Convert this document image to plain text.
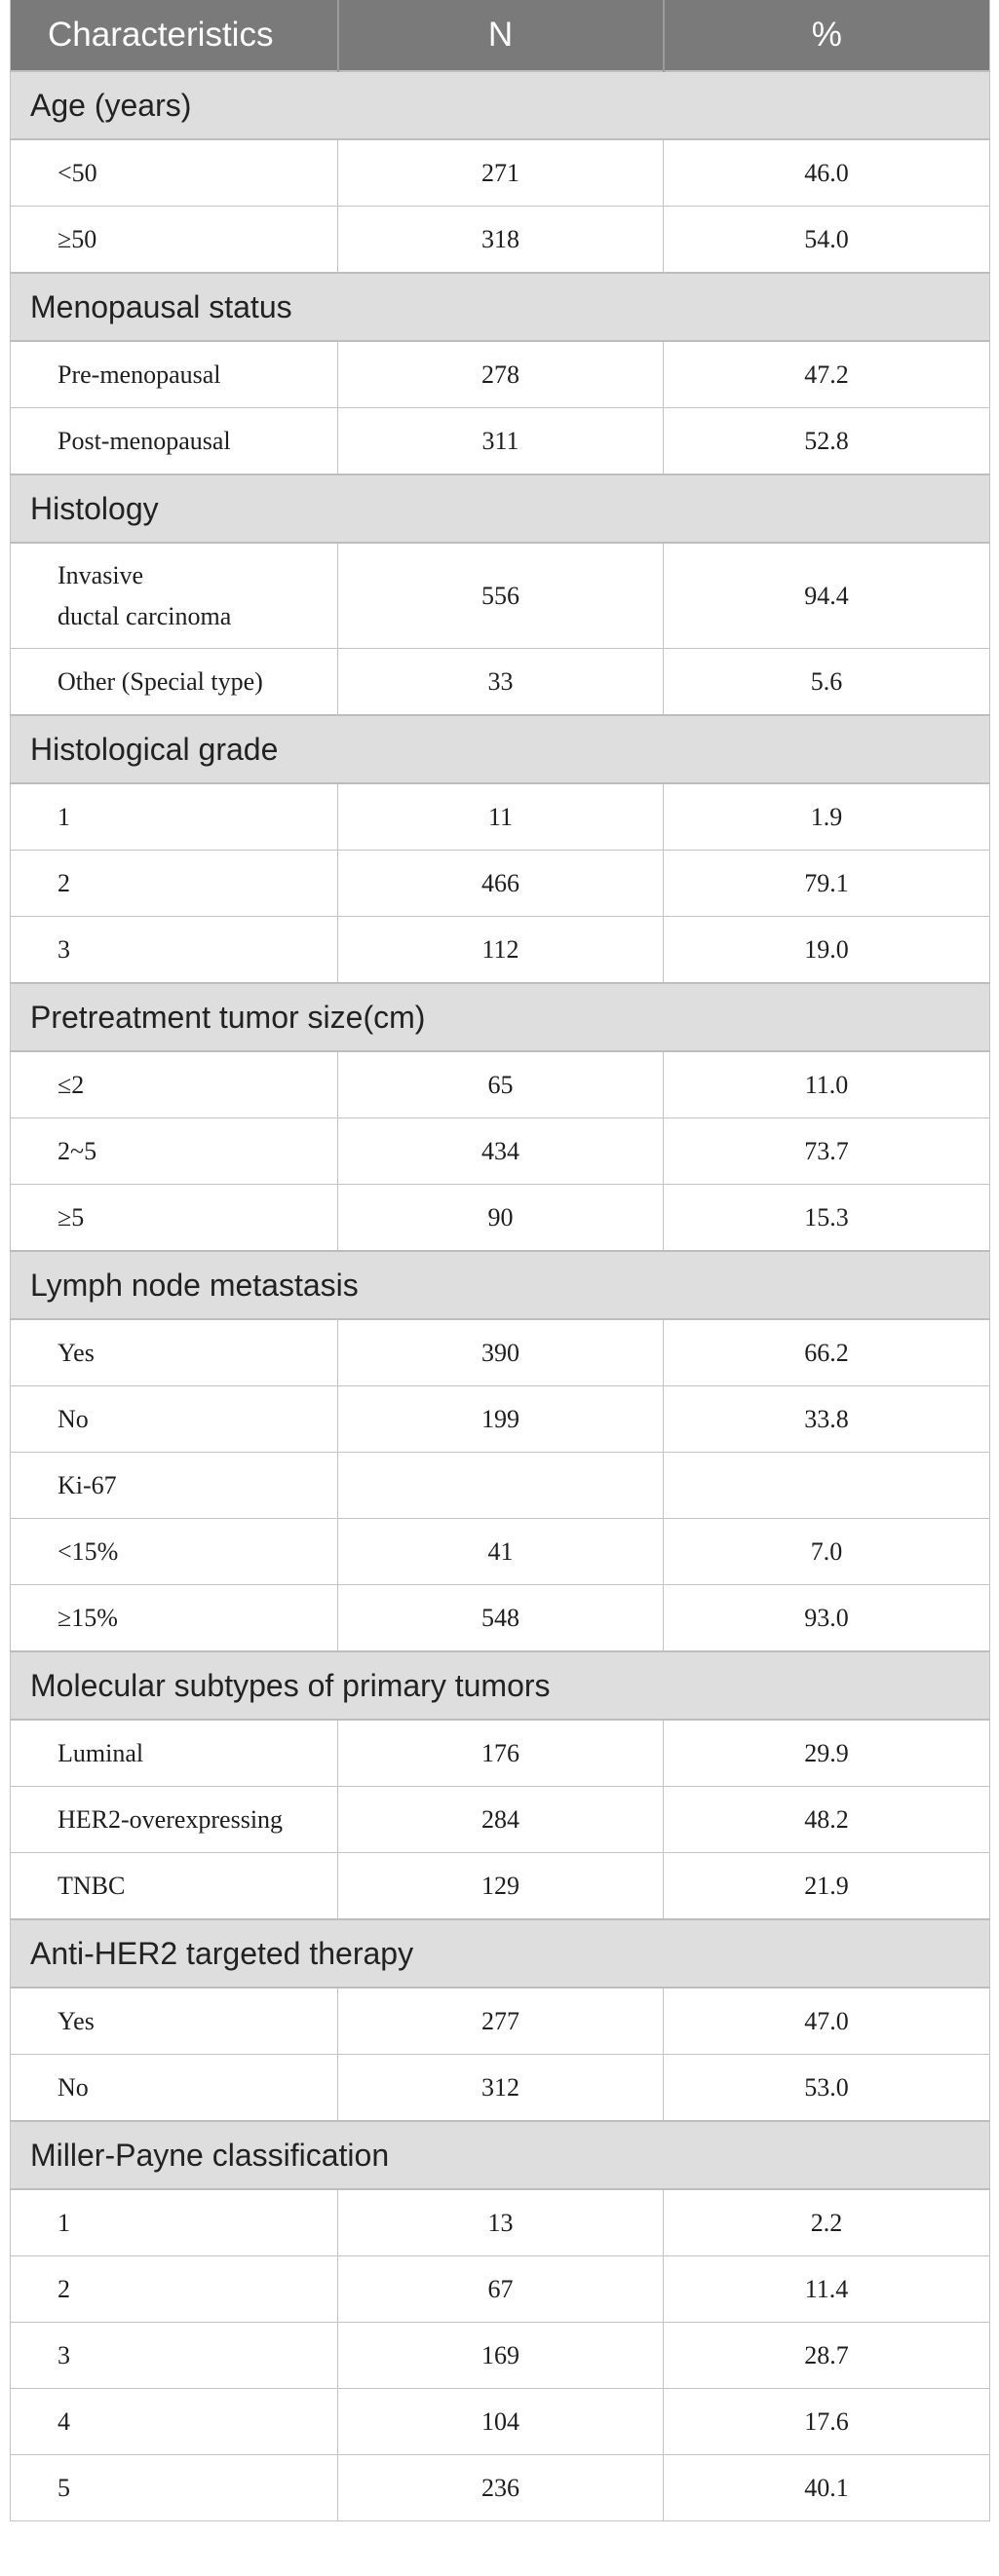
Characteristics	N	%
Age (years)		
<50	271	46.0
≥50	318	54.0
Menopausal status		
Pre-menopausal	278	47.2
Post-menopausal	311	52.8
Histology		
Invasive
ductal carcinoma	556	94.4
Other (Special type)	33	5.6
Histological grade		
1	11	1.9
2	466	79.1
3	112	19.0
Pretreatment tumor size(cm)		
≤2	65	11.0
2~5	434	73.7
≥5	90	15.3
Lymph node metastasis		
Yes	390	66.2
No	199	33.8
Ki-67		
<15%	41	7.0
≥15%	548	93.0
Molecular subtypes of primary tumors		
Luminal	176	29.9
HER2-overexpressing	284	48.2
TNBC	129	21.9
Anti-HER2 targeted therapy		
Yes	277	47.0
No	312	53.0
Miller-Payne classification		
1	13	2.2
2	67	11.4
3	169	28.7
4	104	17.6
5	236	40.1
